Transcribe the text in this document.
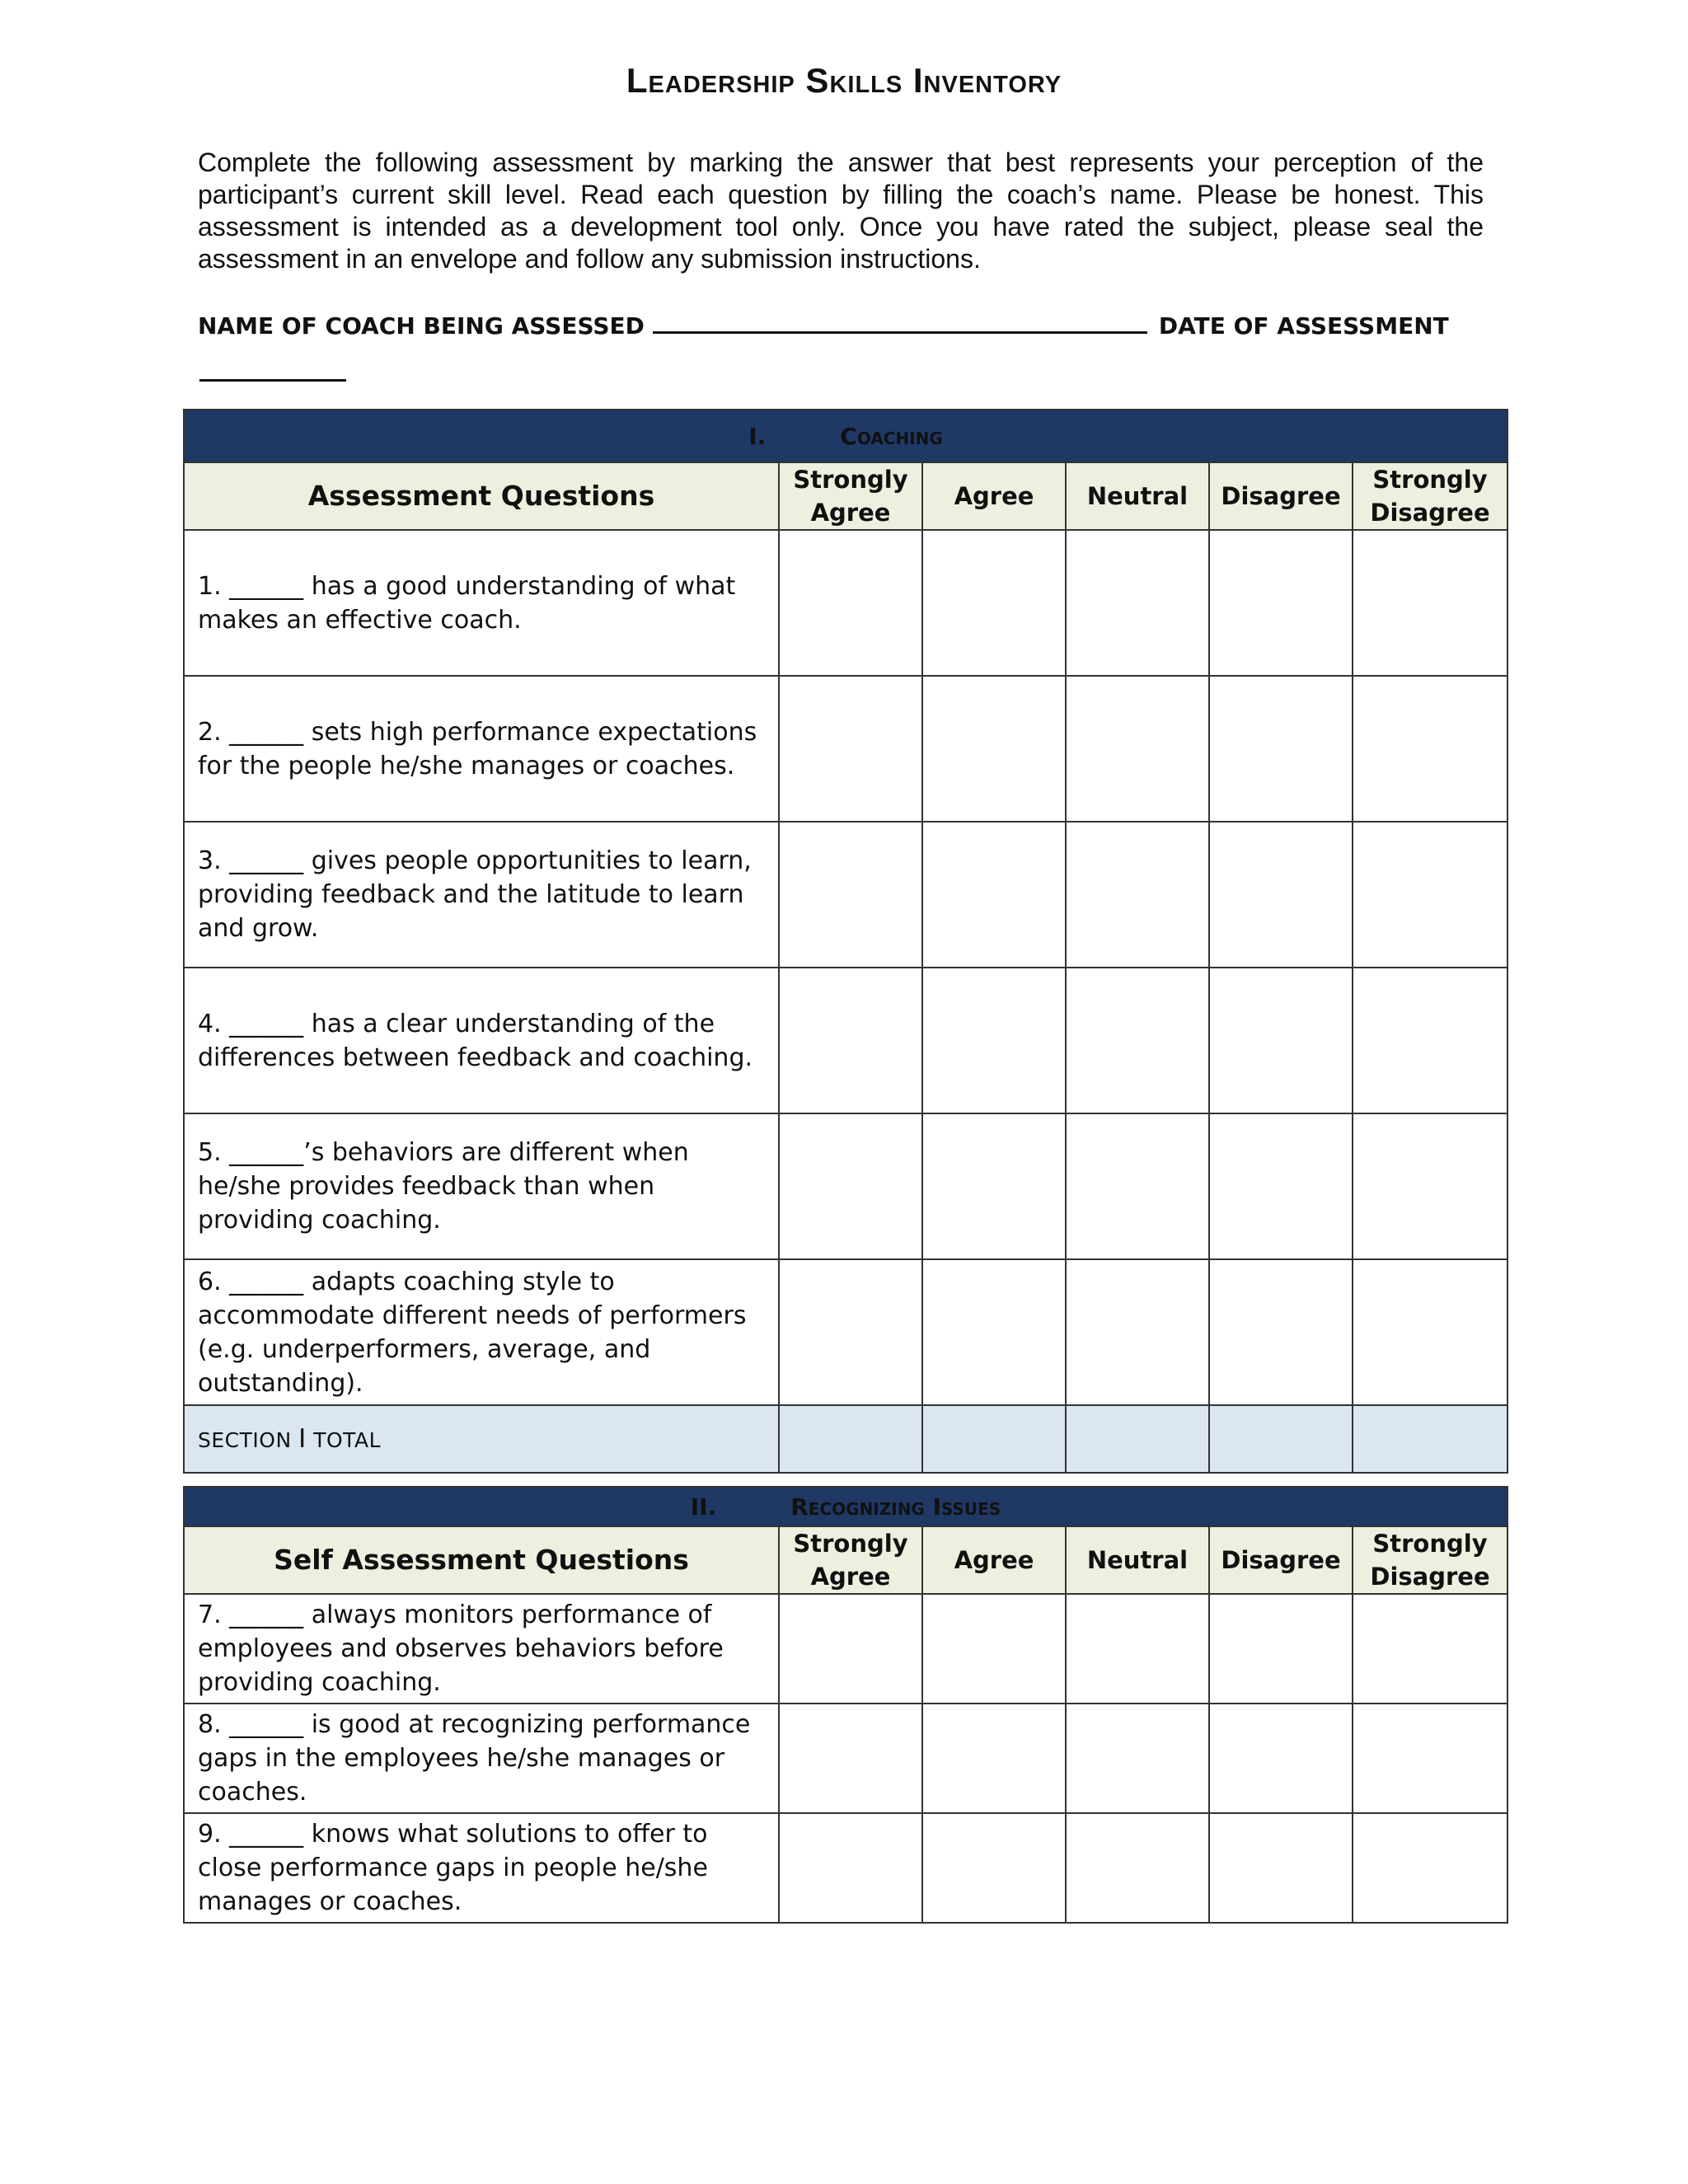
Leadership Skills Inventory
Complete the following assessment by marking the answer that best represents your perception of the participant’s current skill level. Read each question by filling the coach’s name. Please be honest. This assessment is intended as a development tool only. Once you have rated the subject, please seal the assessment in an envelope and follow any submission instructions.
NAME OF COACH BEING ASSESSED	DATE OF ASSESSMENT
I. Coaching					
Assessment Questions	Strongly Agree	Agree	Neutral	Disagree	Strongly Disagree
1. ______ has a good understanding of what makes an effective coach.					
2. ______ sets high performance expectations for the people he/she manages or coaches.					
3. ______ gives people opportunities to learn, providing feedback and the latitude to learn and grow.					
4. ______ has a clear understanding of the differences between feedback and coaching.					
5. ______’s behaviors are different when he/she provides feedback than when providing coaching.					
6. ______ adapts coaching style to accommodate different needs of performers (e.g. underperformers, average, and outstanding).					
SECTION I TOTAL					
II. Recognizing Issues					
Self Assessment Questions	Strongly Agree	Agree	Neutral	Disagree	Strongly Disagree
7. ______ always monitors performance of employees and observes behaviors before providing coaching.					
8. ______ is good at recognizing performance gaps in the employees he/she manages or coaches.					
9. ______ knows what solutions to offer to close performance gaps in people he/she manages or coaches.					
